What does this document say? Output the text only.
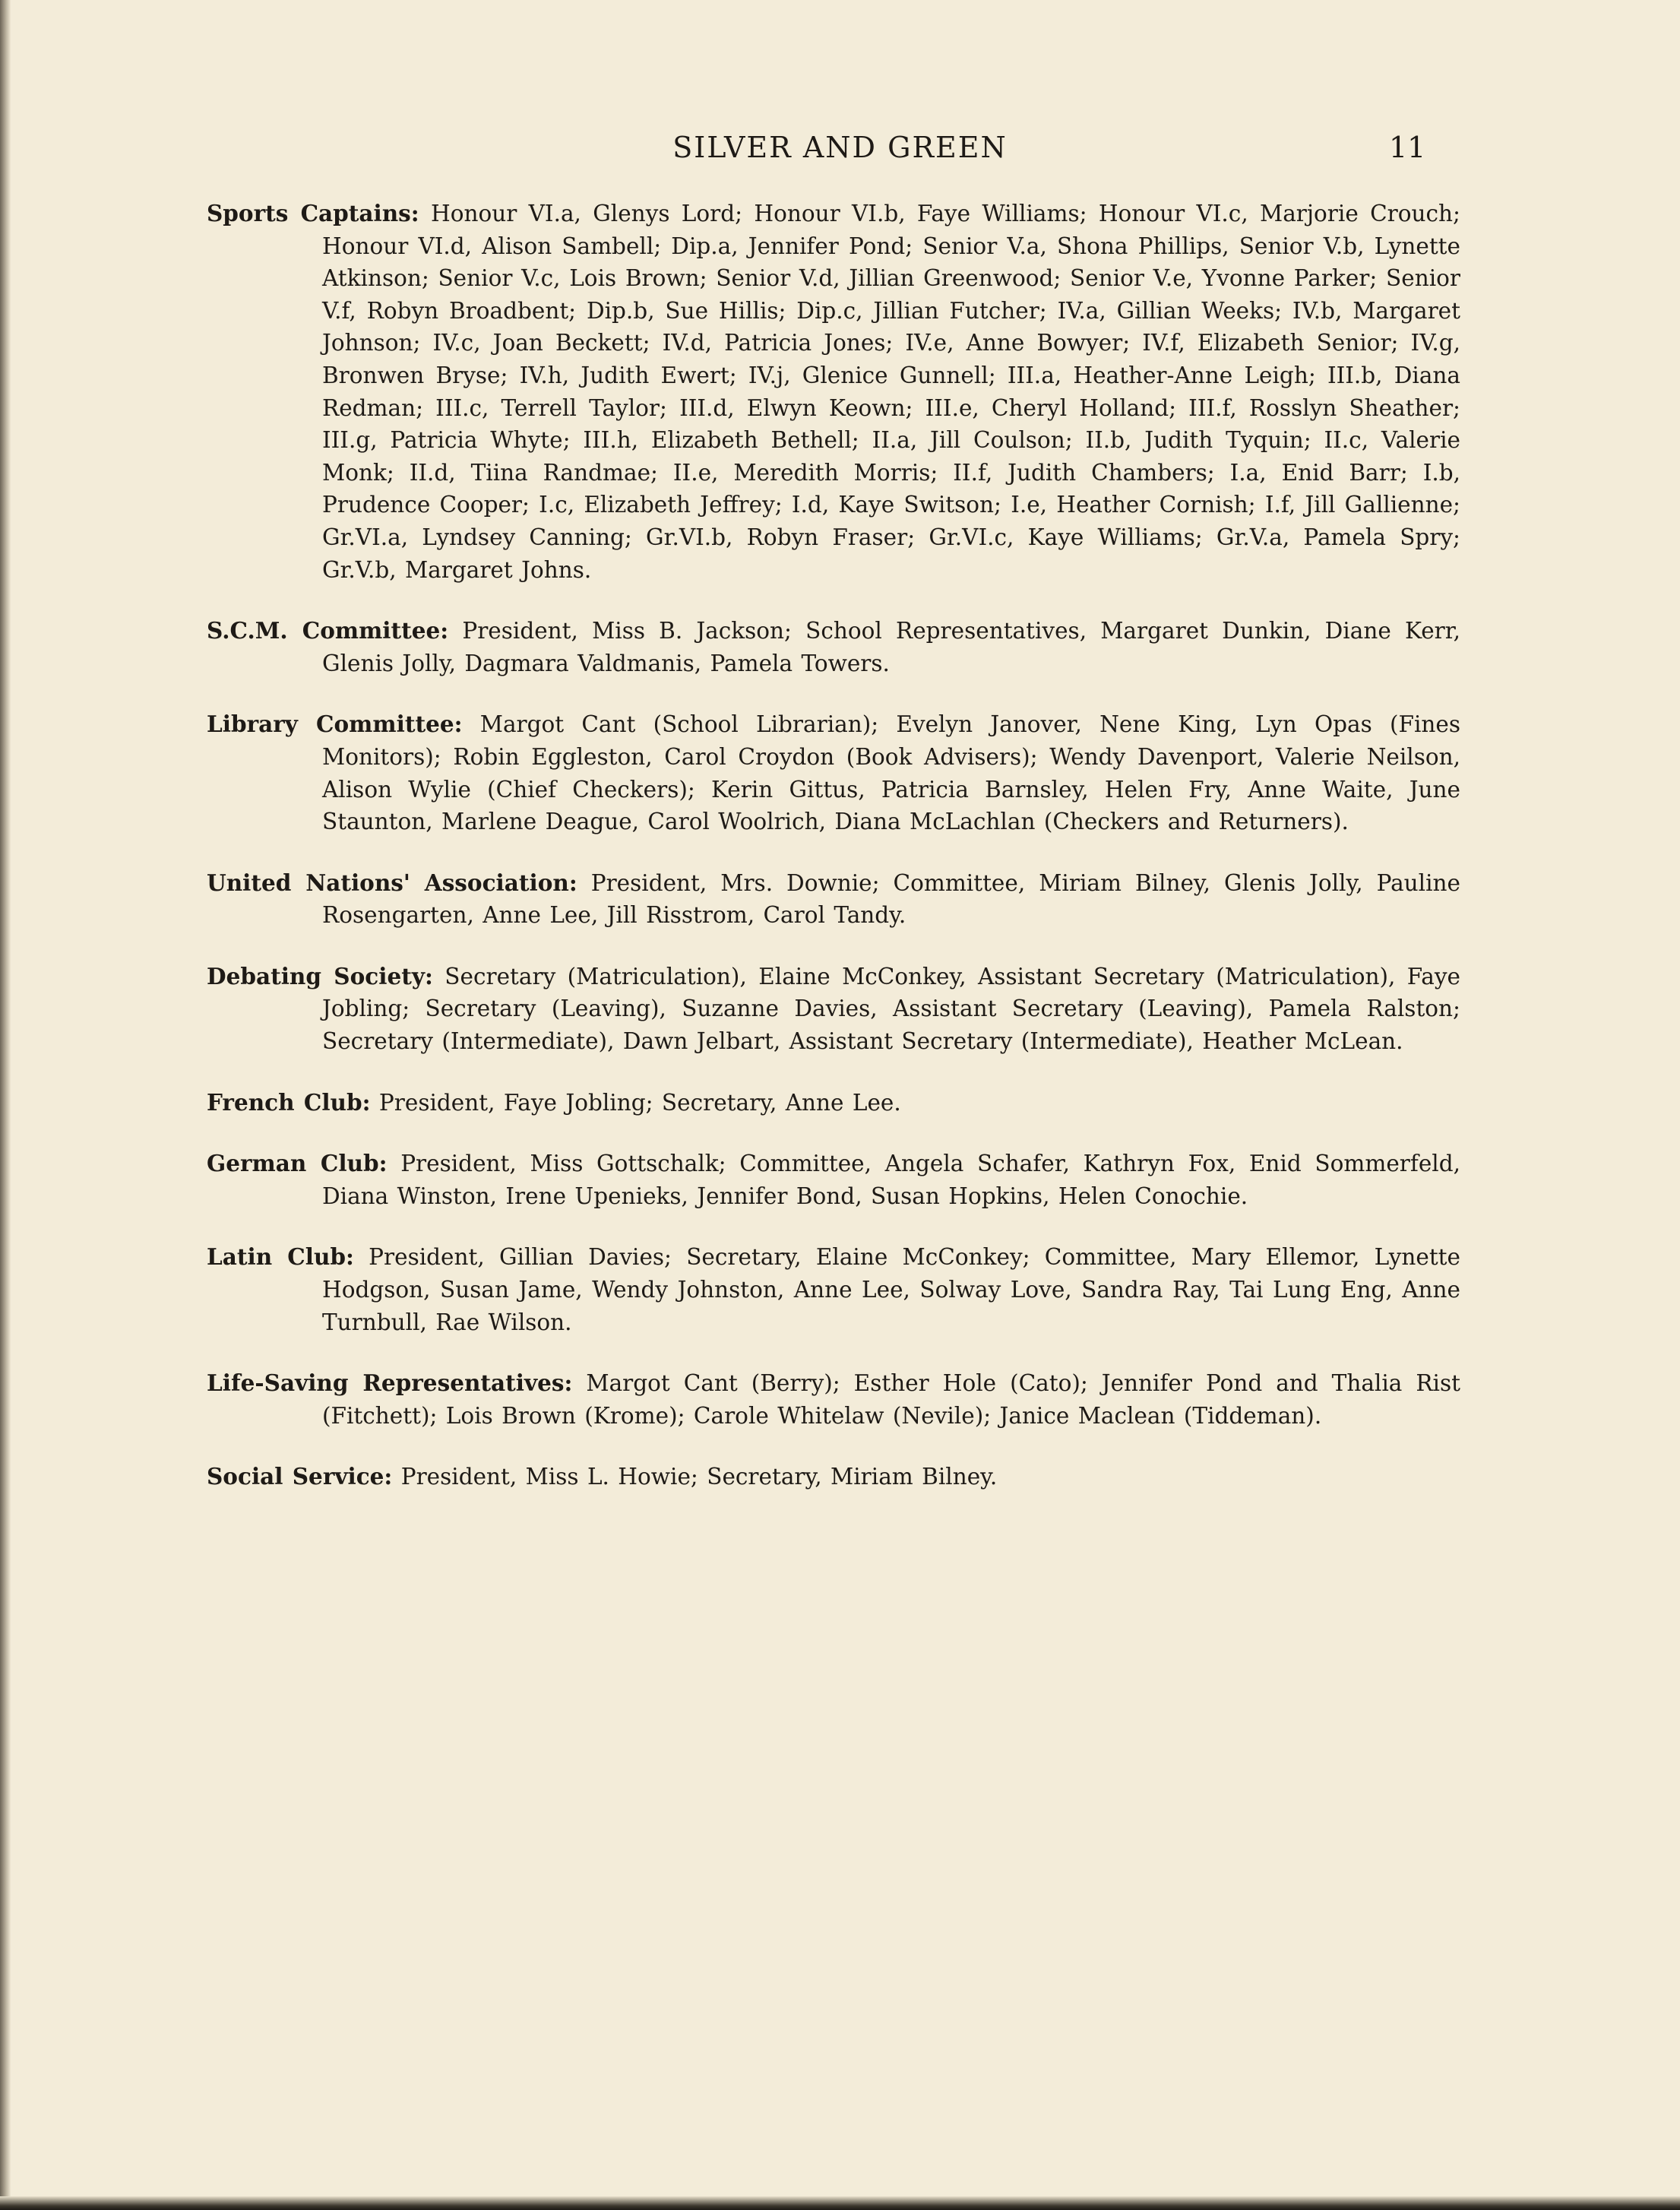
SILVER AND GREEN	11

Sports Captains: Honour VI.a, Glenys Lord; Honour VI.b, Faye Williams; Honour VI.c, Marjorie Crouch; Honour VI.d, Alison Sambell; Dip.a, Jennifer Pond; Senior V.a, Shona Phillips, Senior V.b, Lynette Atkinson; Senior V.c, Lois Brown; Senior V.d, Jillian Greenwood; Senior V.e, Yvonne Parker; Senior V.f, Robyn Broadbent; Dip.b, Sue Hillis; Dip.c, Jillian Futcher; IV.a, Gillian Weeks; IV.b, Margaret Johnson; IV.c, Joan Beckett; IV.d, Patricia Jones; IV.e, Anne Bowyer; IV.f, Elizabeth Senior; IV.g, Bronwen Bryse; IV.h, Judith Ewert; IV.j, Glenice Gunnell; III.a, Heather-Anne Leigh; III.b, Diana Redman; III.c, Terrell Taylor; III.d, Elwyn Keown; III.e, Cheryl Holland; III.f, Rosslyn Sheather; III.g, Patricia Whyte; III.h, Elizabeth Bethell; II.a, Jill Coulson; II.b, Judith Tyquin; II.c, Valerie Monk; II.d, Tiina Randmae; II.e, Meredith Morris; II.f, Judith Chambers; I.a, Enid Barr; I.b, Prudence Cooper; I.c, Elizabeth Jeffrey; I.d, Kaye Switson; I.e, Heather Cornish; I.f, Jill Gallienne; Gr.VI.a, Lyndsey Canning; Gr.VI.b, Robyn Fraser; Gr.VI.c, Kaye Williams; Gr.V.a, Pamela Spry; Gr.V.b, Margaret Johns.

S.C.M. Committee: President, Miss B. Jackson; School Representatives, Margaret Dunkin, Diane Kerr, Glenis Jolly, Dagmara Valdmanis, Pamela Towers.

Library Committee: Margot Cant (School Librarian); Evelyn Janover, Nene King, Lyn Opas (Fines Monitors); Robin Eggleston, Carol Croydon (Book Advisers); Wendy Davenport, Valerie Neilson, Alison Wylie (Chief Checkers); Kerin Gittus, Patricia Barnsley, Helen Fry, Anne Waite, June Staunton, Marlene Deague, Carol Woolrich, Diana McLachlan (Checkers and Returners).

United Nations' Association: President, Mrs. Downie; Committee, Miriam Bilney, Glenis Jolly, Pauline Rosengarten, Anne Lee, Jill Risstrom, Carol Tandy.

Debating Society: Secretary (Matriculation), Elaine McConkey, Assistant Secretary (Matriculation), Faye Jobling; Secretary (Leaving), Suzanne Davies, Assistant Secretary (Leaving), Pamela Ralston; Secretary (Intermediate), Dawn Jelbart, Assistant Secretary (Intermediate), Heather McLean.

French Club: President, Faye Jobling; Secretary, Anne Lee.

German Club: President, Miss Gottschalk; Committee, Angela Schafer, Kathryn Fox, Enid Sommerfeld, Diana Winston, Irene Upenieks, Jennifer Bond, Susan Hopkins, Helen Conochie.

Latin Club: President, Gillian Davies; Secretary, Elaine McConkey; Committee, Mary Ellemor, Lynette Hodgson, Susan Jame, Wendy Johnston, Anne Lee, Solway Love, Sandra Ray, Tai Lung Eng, Anne Turnbull, Rae Wilson.

Life-Saving Representatives: Margot Cant (Berry); Esther Hole (Cato); Jennifer Pond and Thalia Rist (Fitchett); Lois Brown (Krome); Carole Whitelaw (Nevile); Janice Maclean (Tiddeman).

Social Service: President, Miss L. Howie; Secretary, Miriam Bilney.
